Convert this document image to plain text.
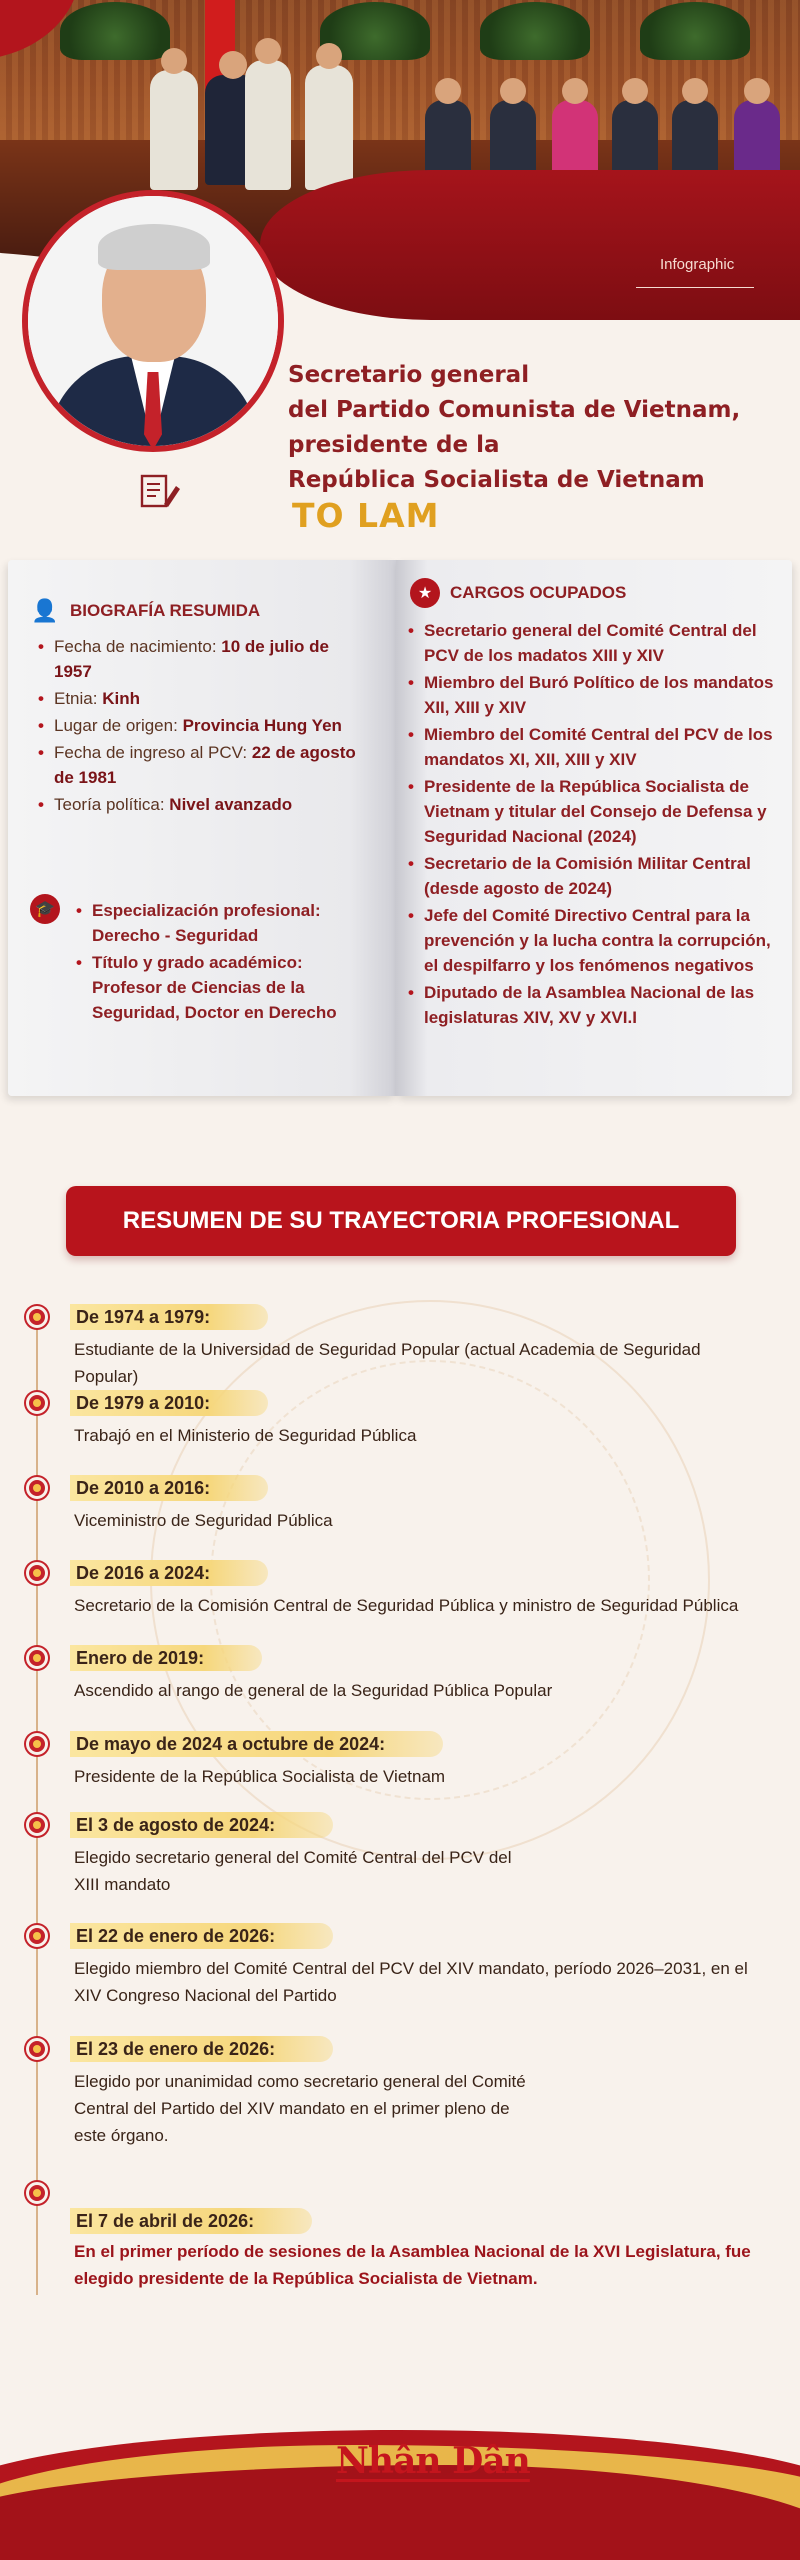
Infographic
Secretario general
del Partido Comunista de Vietnam,
presidente de la
República Socialista de Vietnam
TO LAM
👤 BIOGRAFÍA RESUMIDA
• Fecha de nacimiento: 10 de julio de 1957
• Etnia: Kinh
• Lugar de origen: Provincia Hung Yen
• Fecha de ingreso al PCV: 22 de agosto de 1981
• Teoría política: Nivel avanzado
🎓
•	Especialización profesional: Derecho - Seguridad
• Título y grado académico: Profesor de Ciencias de la Seguridad, Doctor en Derecho
★	CARGOS OCUPADOS
• Secretario general del Comité Central del PCV de los madatos XIII y XIV
• Miembro del Buró Político de los mandatos XII, XIII y XIV
• Miembro del Comité Central del PCV de los mandatos XI, XII, XIII y XIV
• Presidente de la República Socialista de Vietnam y titular del Consejo de Defensa y Seguridad Nacional (2024)
• Secretario de la Comisión Militar Central (desde agosto de 2024)
• Jefe del Comité Directivo Central para la prevención y la lucha contra la corrupción, el despilfarro y los fenómenos negativos
• Diputado de la Asamblea Nacional de las legislaturas XIV, XV y XVI.I
RESUMEN DE SU TRAYECTORIA PROFESIONAL
De 1974 a 1979:
Estudiante de la Universidad de Seguridad Popular (actual Academia de Seguridad Popular)
De 1979 a 2010:
Trabajó en el Ministerio de Seguridad Pública
De 2010 a 2016:
Viceministro de Seguridad Pública
De 2016 a 2024:
Secretario de la Comisión Central de Seguridad Pública y ministro de Seguridad Pública
Enero de 2019:
Ascendido al rango de general de la Seguridad Pública Popular
De mayo de 2024 a octubre de 2024:
Presidente de la República Socialista de Vietnam
El 3 de agosto de 2024:
Elegido secretario general del Comité Central del PCV del XIII mandato
El 22 de enero de 2026:
Elegido miembro del Comité Central del PCV del XIV mandato, período 2026–2031, en el XIV Congreso Nacional del Partido
El 23 de enero de 2026:
Elegido por unanimidad como secretario general del Comité Central del Partido del XIV mandato en el primer pleno de este órgano.
El 7 de abril de 2026:
En el primer período de sesiones de la Asamblea Nacional de la XVI Legislatura, fue elegido presidente de la República Socialista de Vietnam.
Nhân Dân
